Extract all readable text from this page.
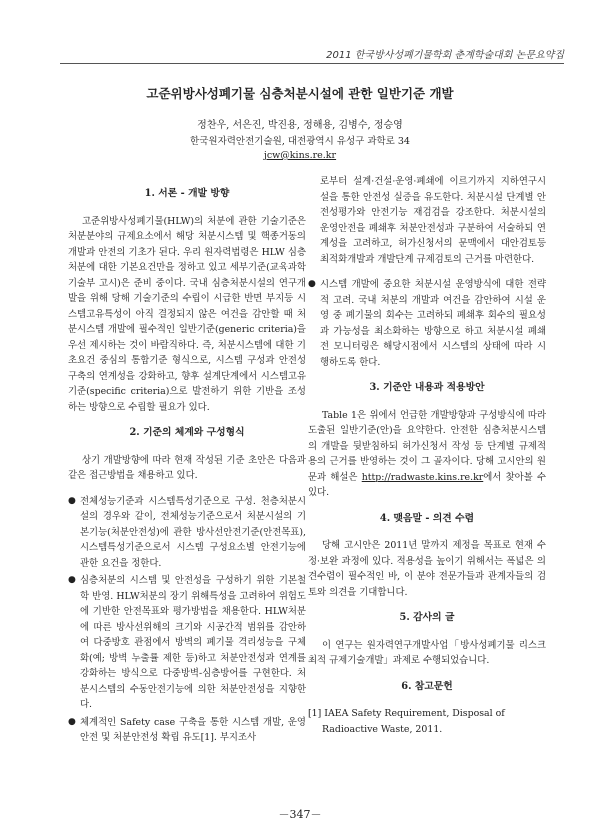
2011 한국방사성폐기물학회 춘계학술대회 논문요약집
고준위방사성폐기물 심층처분시설에 관한 일반기준 개발
정찬우, 서은진, 박진용, 정해용, 김병수, 정승영
한국원자력안전기술원, 대전광역시 유성구 과학로 34
jcw@kins.re.kr
1. 서론 - 개발 방향

고준위방사성폐기물(HLW)의 처분에 관한 기술기준은 처분분야의 규제요소에서 해당 처분시스템 및 핵종거동의 개발과 안전의 기초가 된다. 우리 원자력법령은 HLW 심층처분에 대한 기본요건만을 정하고 있고 세부기준(교육과학기술부 고시)은 준비 중이다. 국내 심층처분시설의 연구개발을 위해 당해 기술기준의 수립이 시급한 반면 부지등 시스템고유특성이 아직 결정되지 않은 여건을 감안할 때 처분시스템 개발에 필수적인 일반기준(generic criteria)을 우선 제시하는 것이 바람직하다. 즉, 처분시스템에 대한 기초요건 중심의 통합기준 형식으로, 시스템 구성과 안전성 구축의 연계성을 강화하고, 향후 설계단계에서 시스템고유기준(specific criteria)으로 발전하기 위한 기반을 조성하는 방향으로 수립할 필요가 있다.

2. 기준의 체계와 구성형식

상기 개발방향에 따라 현재 작성된 기준 초안은 다음과 같은 접근방법을 채용하고 있다.

● 전체성능기준과 시스템특성기준으로 구성. 천층처분시설의 경우와 같이, 전체성능기준으로서 처분시설의 기본기능(처분안전성)에 관한 방사선안전기준(안전목표), 시스템특성기준으로서 시스템 구성요소별 안전기능에 관한 요건을 정한다.
● 심층처분의 시스템 및 안전성을 구성하기 위한 기본철학 반영. HLW처분의 장기 위해특성을 고려하여 위험도에 기반한 안전목표와 평가방법을 채용한다. HLW처분에 따른 방사선위해의 크기와 시공간적 범위를 감안하여 다중방호 관점에서 방벽의 폐기물 격리성능을 구체화(예; 방벽 누출률 제한 등)하고 처분안전성과 연계를 강화하는 방식으로 다중방벽-심층방어를 구현한다. 처분시스템의 수동안전기능에 의한 처분안전성을 지향한다.
● 체계적인 Safety case 구축을 통한 시스템 개발, 운영안전 및 처분안전성 확립 유도[1]. 부지조사

로부터 설계·건설·운영·폐쇄에 이르기까지 지하연구시설을 통한 안전성 실증을 유도한다. 처분시설 단계별 안전성평가와 안전기능 재검검을 강조한다. 처분시설의 운영안전을 폐쇄후 처분안전성과 구분하여 서술하되 연계성을 고려하고, 허가신청서의 문맥에서 대안검토등 최적화개발과 개발단계 규제검토의 근거를 마련한다.

● 시스템 개발에 중요한 처분시설 운영방식에 대한 전략적 고려. 국내 처분의 개발과 여건을 감안하여 시설 운영 중 폐기물의 회수는 고려하되 폐쇄후 회수의 필요성과 가능성을 최소화하는 방향으로 하고 처분시설 폐쇄 전 모니터링은 해당시점에서 시스템의 상태에 따라 시행하도록 한다.
3. 기준안 내용과 적용방안

Table 1은 위에서 언급한 개발방향과 구성방식에 따라 도출된 일반기준(안)을 요약한다. 안전한 심층처분시스템의 개발을 뒷받침하되 허가신청서 작성 등 단계별 규제적용의 근거를 반영하는 것이 그 골자이다. 당해 고시안의 원문과 해설은 http://radwaste.kins.re.kr에서 찾아볼 수 있다.

4. 맺음말 - 의견 수렴

당해 고시안은 2011년 말까지 제정을 목표로 현재 수정·보완 과정에 있다. 적용성을 높이기 위해서는 폭넓은 의견수렴이 필수적인 바, 이 분야 전문가들과 관계자들의 검토와 의견을 기대합니다.

5. 감사의 글

이 연구는 원자력연구개발사업「방사성폐기물 리스크 최적 규제기술개발」과제로 수행되었습니다.

6. 참고문헌

[1] IAEA Safety Requirement, Disposal of Radioactive Waste, 2011.

－347－
